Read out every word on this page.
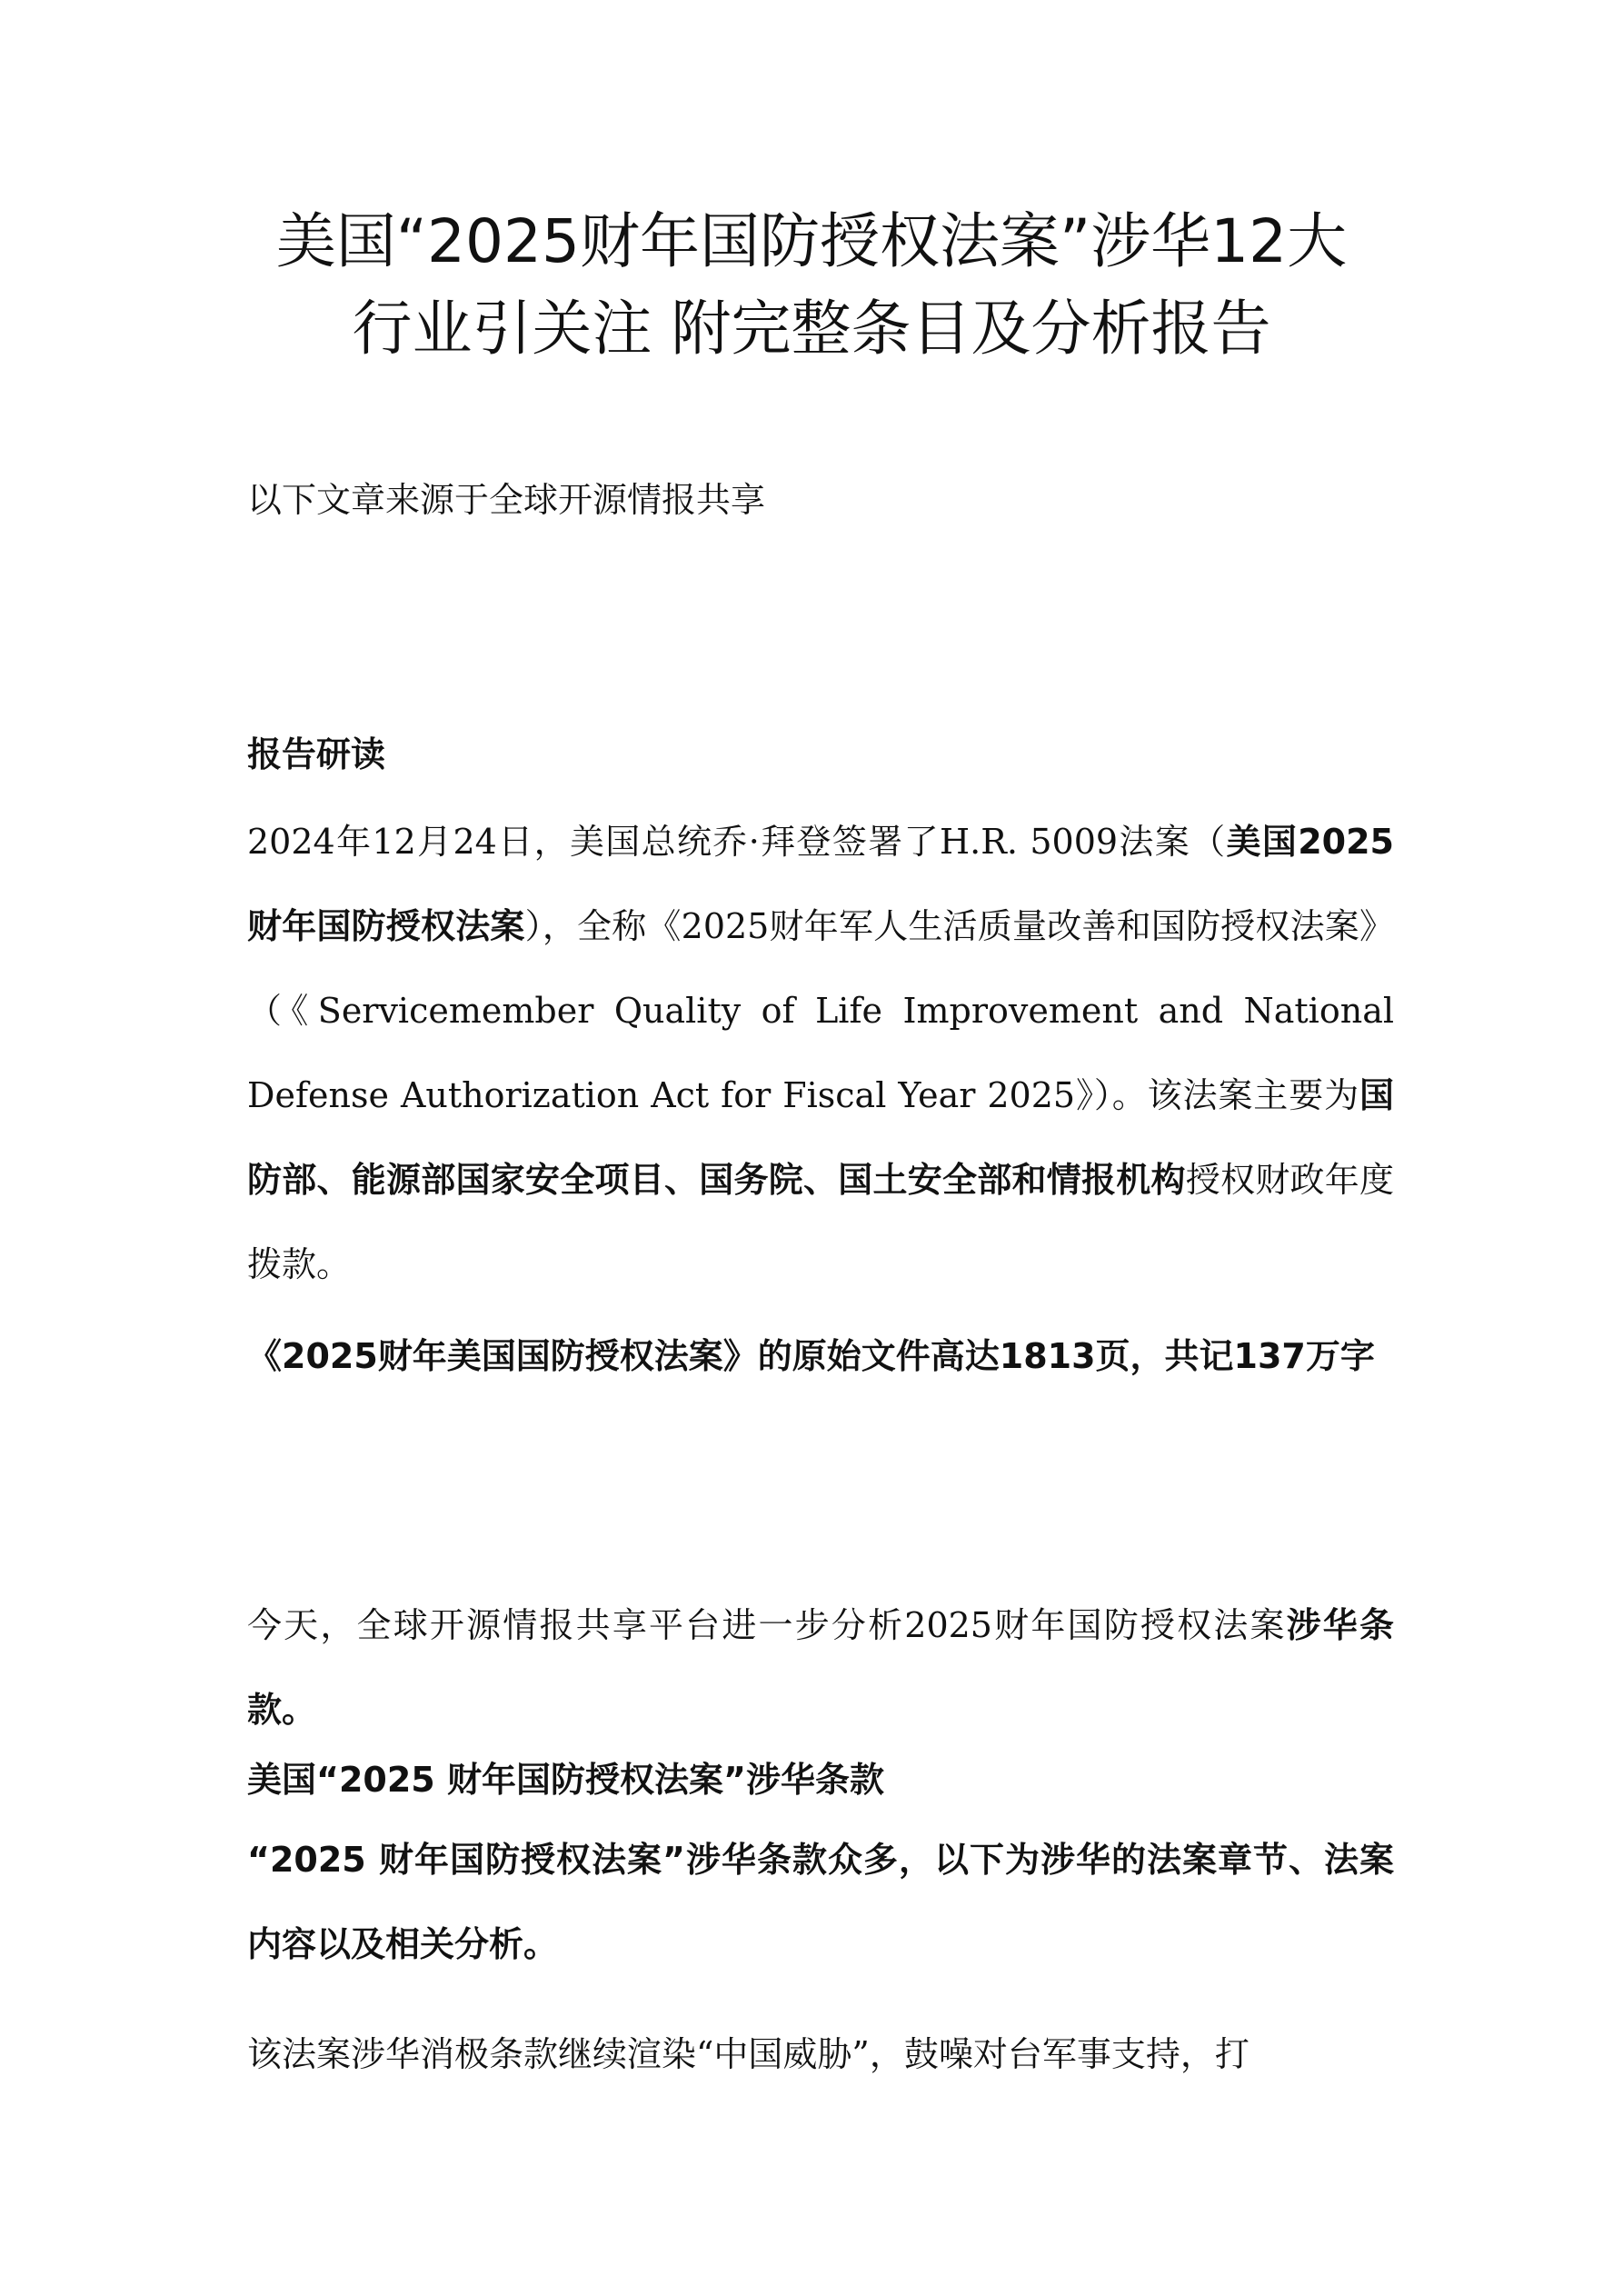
美国“2025财年国防授权法案”涉华12大
行业引关注 附完整条目及分析报告

以下文章来源于全球开源情报共享

报告研读

2024年12月24日，美国总统乔·拜登签署了H.R. 5009法案（美国2025财年国防授权法案），全称《2025财年军人生活质量改善和国防授权法案》（《Servicemember Quality of Life Improvement and National Defense Authorization Act for Fiscal Year 2025》）。该法案主要为国防部、能源部国家安全项目、国务院、国土安全部和情报机构授权财政年度拨款。

《2025财年美国国防授权法案》的原始文件高达1813页，共记137万字

今天，全球开源情报共享平台进一步分析2025财年国防授权法案涉华条款。

美国“2025 财年国防授权法案”涉华条款

“2025 财年国防授权法案”涉华条款众多，以下为涉华的法案章节、法案内容以及相关分析。

该法案涉华消极条款继续渲染“中国威胁”，鼓噪对台军事支持，打
